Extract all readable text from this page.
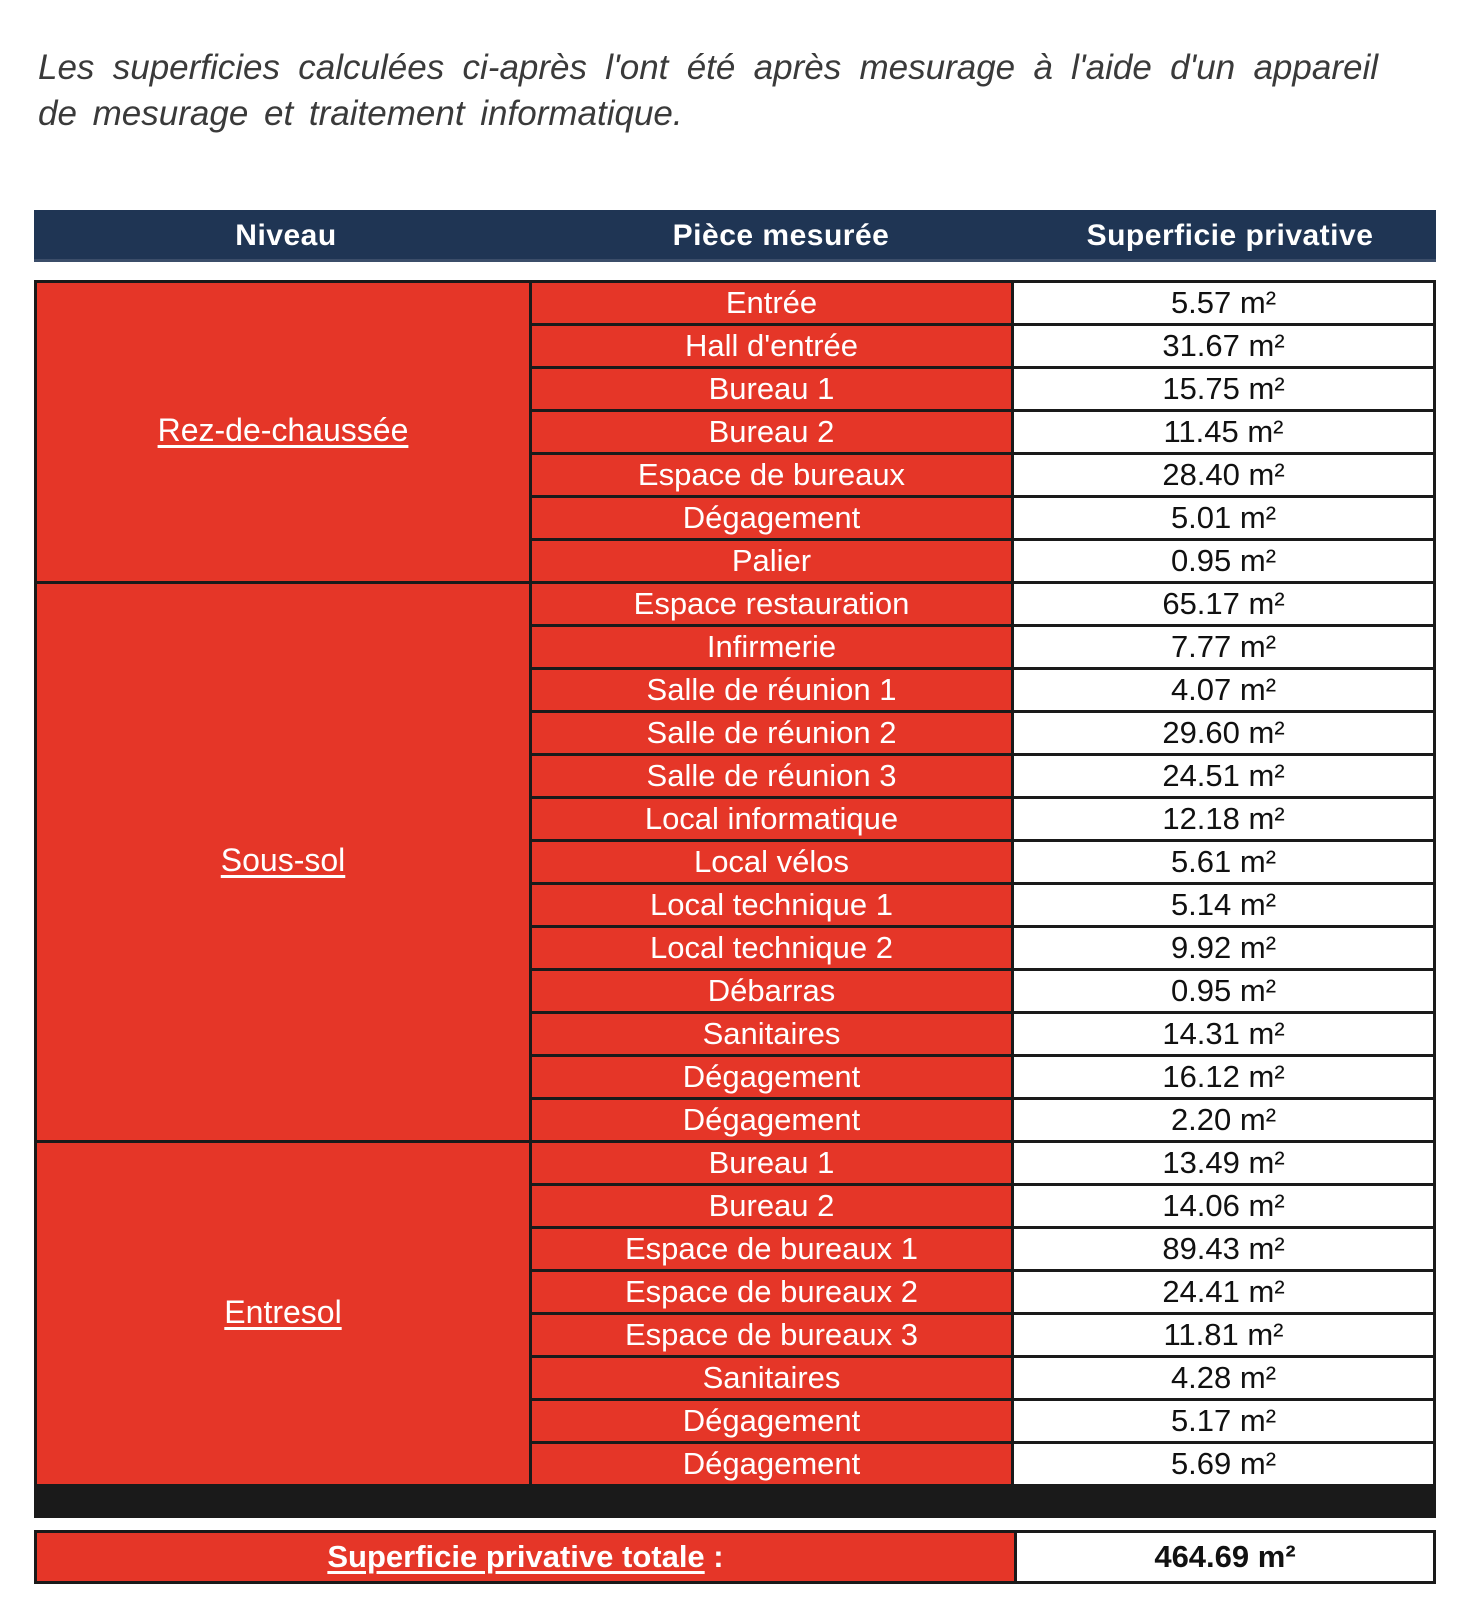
Les superficies calculées ci-après l'ont été après mesurage à l'aide d'un appareil de mesurage et traitement informatique.

Niveau	Pièce mesurée	Superficie privative
Rez-de-chaussée
Entrée	5.57 m²
Hall d'entrée	31.67 m²
Bureau 1	15.75 m²
Bureau 2	11.45 m²
Espace de bureaux	28.40 m²
Dégagement	5.01 m²
Palier	0.95 m²
Sous-sol
Espace restauration	65.17 m²
Infirmerie	7.77 m²
Salle de réunion 1	4.07 m²
Salle de réunion 2	29.60 m²
Salle de réunion 3	24.51 m²
Local informatique	12.18 m²
Local vélos	5.61 m²
Local technique 1	5.14 m²
Local technique 2	9.92 m²
Débarras	0.95 m²
Sanitaires	14.31 m²
Dégagement	16.12 m²
Dégagement	2.20 m²
Entresol
Bureau 1	13.49 m²
Bureau 2	14.06 m²
Espace de bureaux 1	89.43 m²
Espace de bureaux 2	24.41 m²
Espace de bureaux 3	11.81 m²
Sanitaires	4.28 m²
Dégagement	5.17 m²
Dégagement	5.69 m²
Superficie privative totale :	464.69 m²
